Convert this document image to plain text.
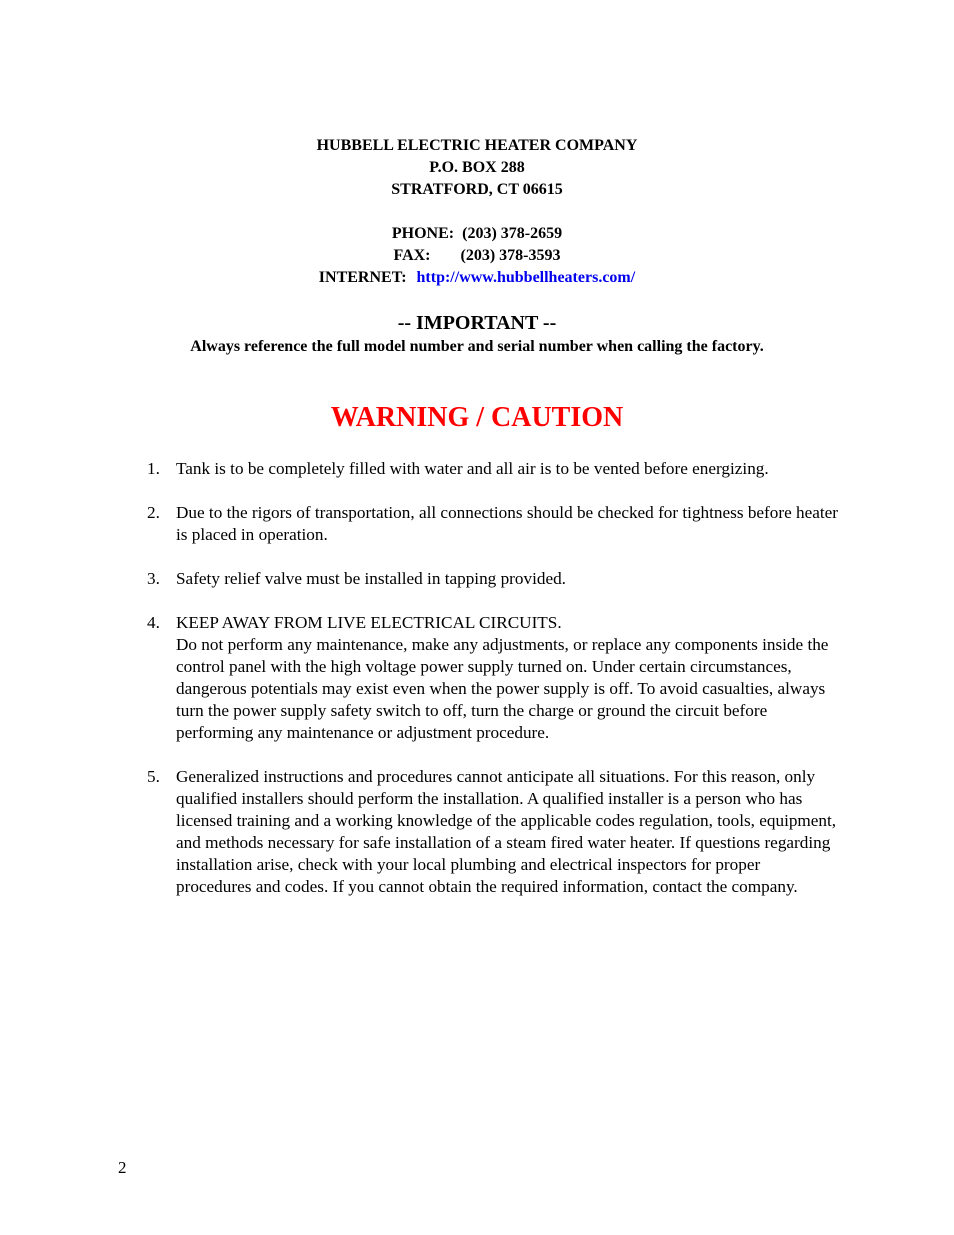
HUBBELL ELECTRIC HEATER COMPANY
P.O. BOX 288
STRATFORD, CT 06615
PHONE: (203) 378-2659
FAX: (203) 378-3593
INTERNET: http://www.hubbellheaters.com/
-- IMPORTANT --
Always reference the full model number and serial number when calling the factory.
WARNING / CAUTION
1. Tank is to be completely filled with water and all air is to be vented before energizing.
2. Due to the rigors of transportation, all connections should be checked for tightness before heater
is placed in operation.
3. Safety relief valve must be installed in tapping provided.
4. KEEP AWAY FROM LIVE ELECTRICAL CIRCUITS.
Do not perform any maintenance, make any adjustments, or replace any components inside the
control panel with the high voltage power supply turned on. Under certain circumstances,
dangerous potentials may exist even when the power supply is off. To avoid casualties, always
turn the power supply safety switch to off, turn the charge or ground the circuit before
performing any maintenance or adjustment procedure.
5. Generalized instructions and procedures cannot anticipate all situations. For this reason, only
qualified installers should perform the installation. A qualified installer is a person who has
licensed training and a working knowledge of the applicable codes regulation, tools, equipment,
and methods necessary for safe installation of a steam fired water heater. If questions regarding
installation arise, check with your local plumbing and electrical inspectors for proper
procedures and codes. If you cannot obtain the required information, contact the company.
2
